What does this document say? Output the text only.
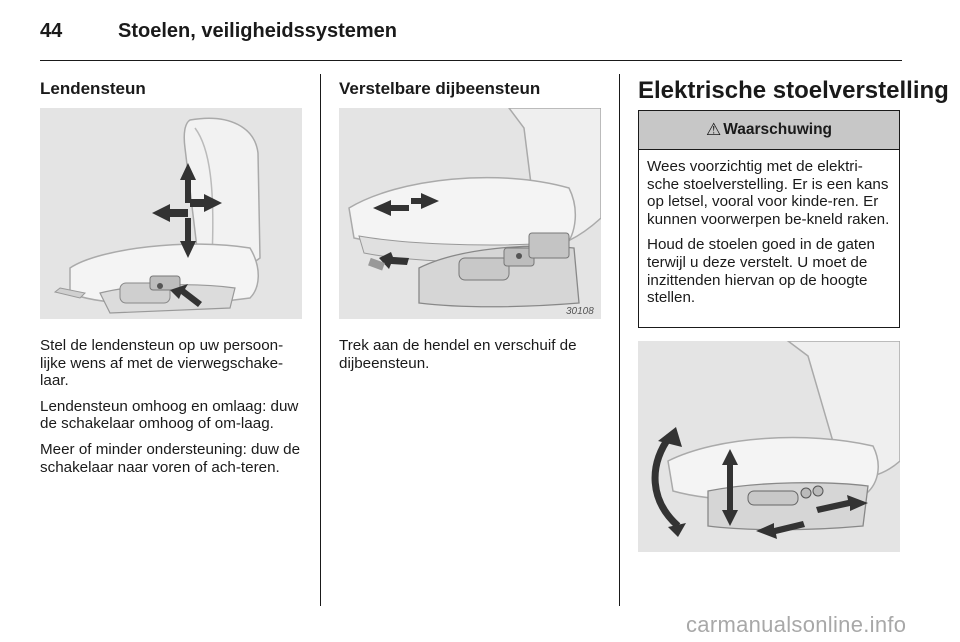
44	Stoelen, veiligheidssystemen
Lendensteun

Stel de lendensteun op uw persoon-lijke wens af met de vierwegschake-laar.

Lendensteun omhoog en omlaag: duw de schakelaar omhoog of om-laag.

Meer of minder ondersteuning: duw de schakelaar naar voren of ach-teren.

Verstelbare dijbeensteun
30108

Trek aan de hendel en verschuif de dijbeensteun.

Elektrische stoelverstelling
⚠ Waarschuwing

Wees voorzichtig met de elektri-sche stoelverstelling. Er is een kans op letsel, vooral voor kinde-ren. Er kunnen voorwerpen be-kneld raken.

Houd de stoelen goed in de gaten terwijl u deze verstelt. U moet de inzittenden hiervan op de hoogte stellen.

carmanualsonline.info
